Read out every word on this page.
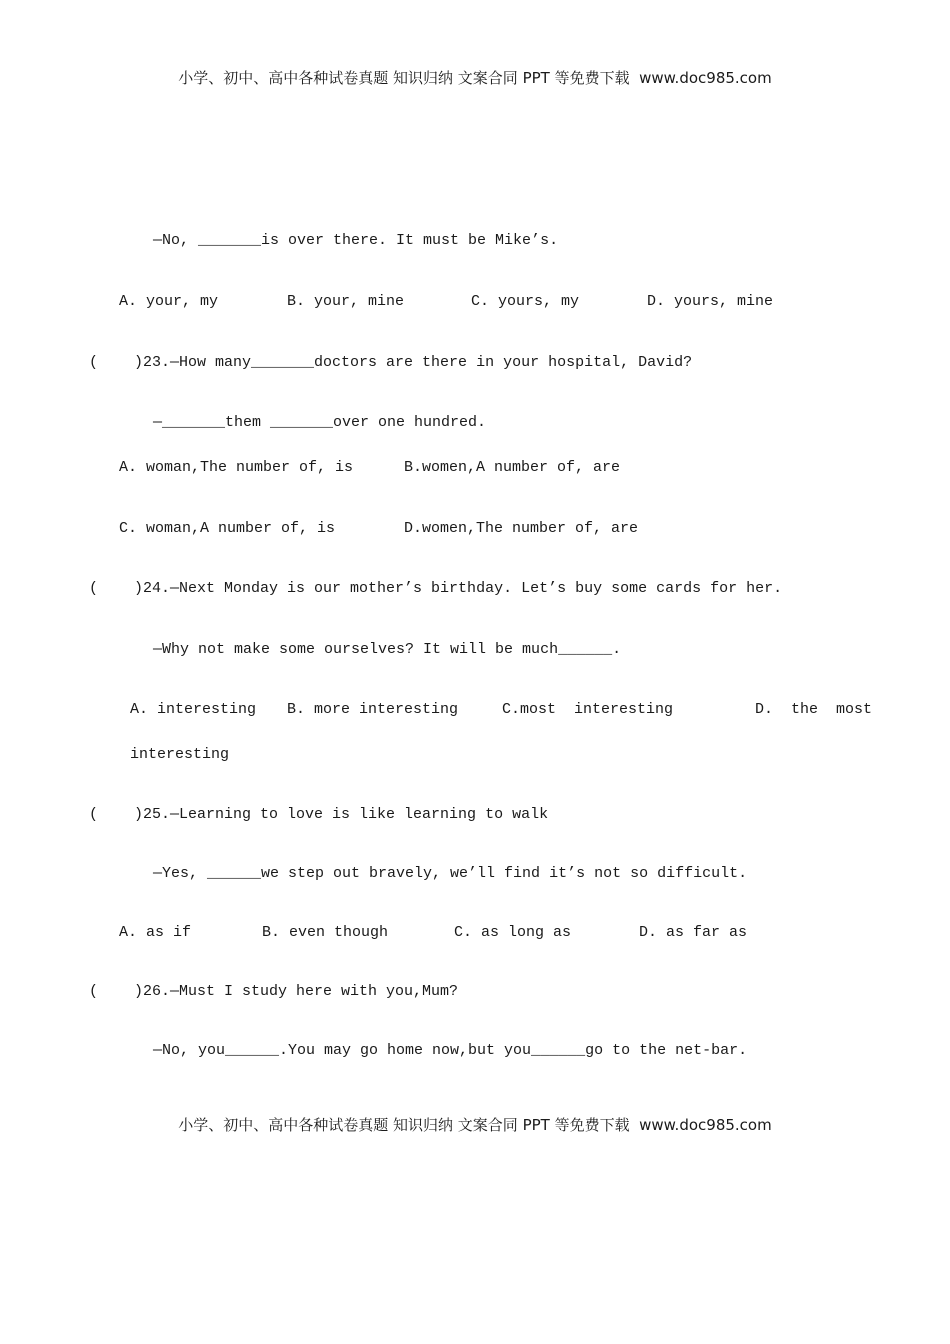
小学、初中、高中各种试卷真题 知识归纳 文案合同 PPT 等免费下载  www.doc985.com
—No, _______is over there. It must be Mike’s.
A. your, my	B. your, mine	C. yours, my	D. yours, mine
(    )23.—How many_______doctors are there in your hospital, David?
—_______them _______over one hundred.
A. woman,The number of, is	B.women,A number of, are
C. woman,A number of, is	D.women,The number of, are
(    )24.—Next Monday is our mother’s birthday. Let’s buy some cards for her.
—Why not make some ourselves? It will be much______.
A. interesting B. more interesting	C.most  interesting	D.  the  most
interesting
(    )25.—Learning to love is like learning to walk
—Yes, ______we step out bravely, we’ll find it’s not so difficult.
A. as if	B. even though	C. as long as	D. as far as
(    )26.—Must I study here with you,Mum?
—No, you______.You may go home now,but you______go to the net-bar.
小学、初中、高中各种试卷真题 知识归纳 文案合同 PPT 等免费下载  www.doc985.com
